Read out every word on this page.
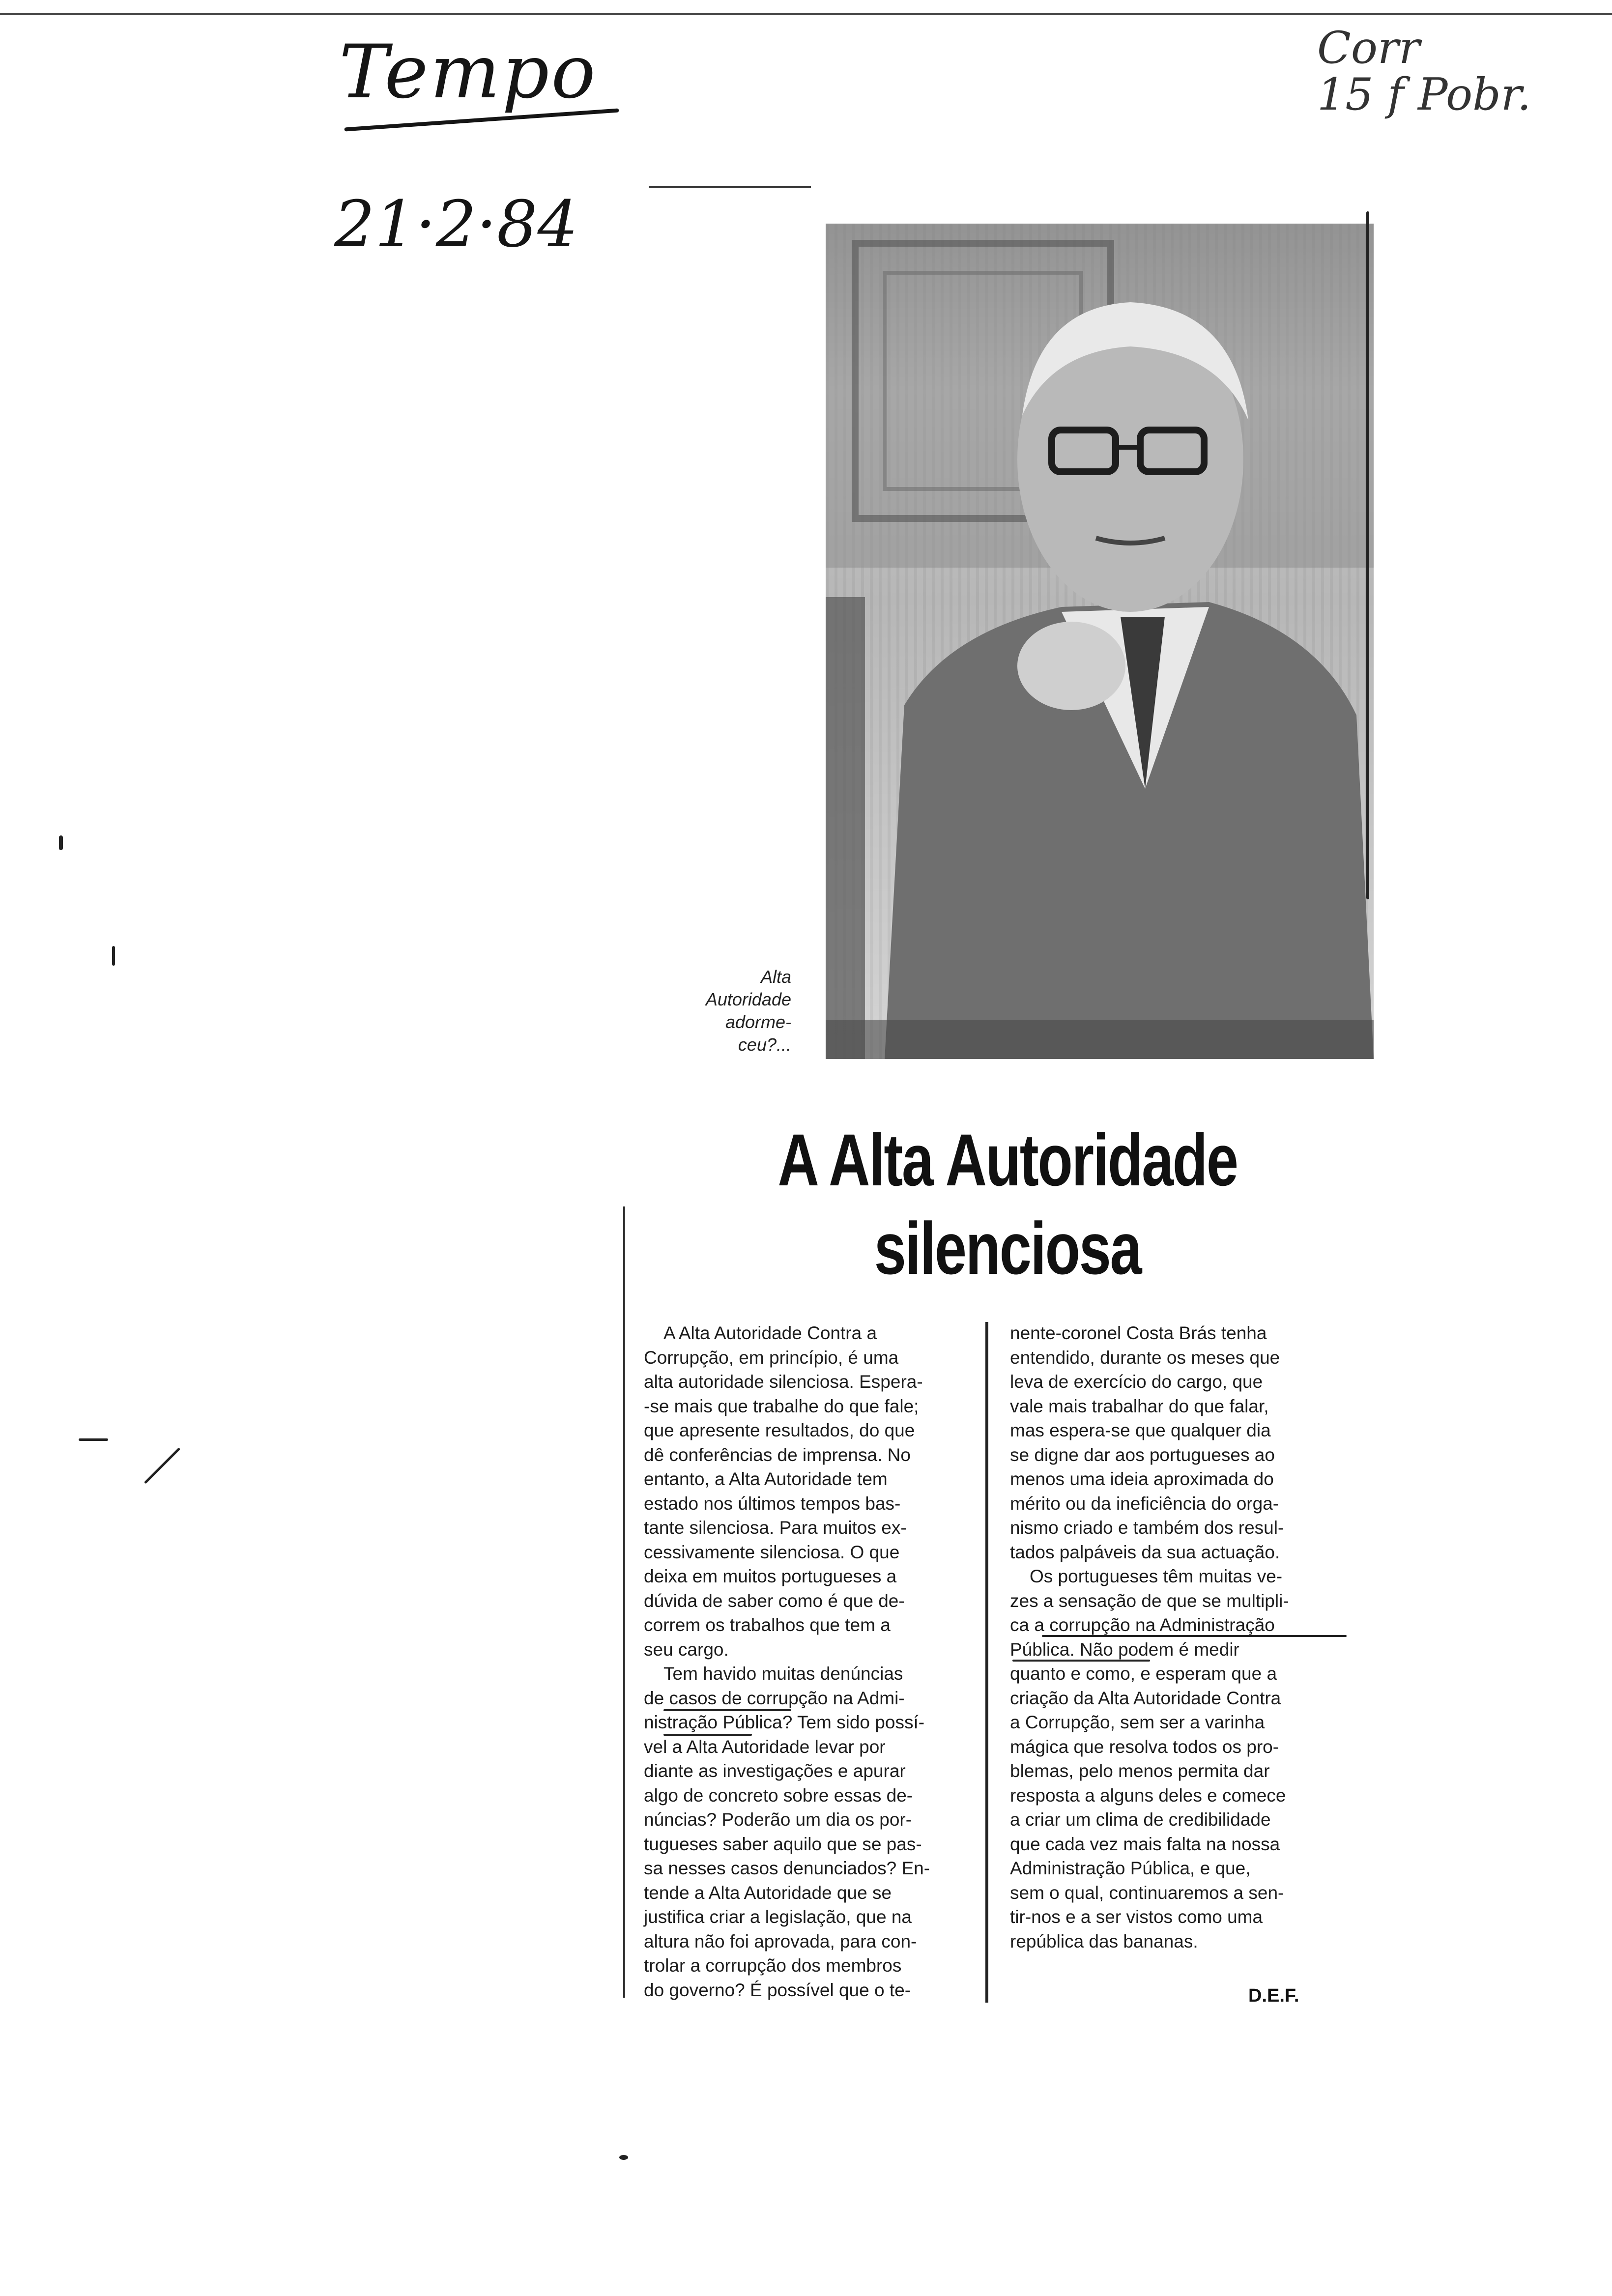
Tempo
21·2·84
Corr
15 f Pobr.
Alta
Autoridade
adorme-
ceu?...
A Alta Autoridade
silenciosa
A Alta Autoridade Contra a
Corrupção, em princípio, é uma
alta autoridade silenciosa. Espera-
-se mais que trabalhe do que fale;
que apresente resultados, do que
dê conferências de imprensa. No
entanto, a Alta Autoridade tem
estado nos últimos tempos bas-
tante silenciosa. Para muitos ex-
cessivamente silenciosa. O que
deixa em muitos portugueses a
dúvida de saber como é que de-
correm os trabalhos que tem a
seu cargo.
Tem havido muitas denúncias
de casos de corrupção na Admi-
nistração Pública? Tem sido possí-
vel a Alta Autoridade levar por
diante as investigações e apurar
algo de concreto sobre essas de-
núncias? Poderão um dia os por-
tugueses saber aquilo que se pas-
sa nesses casos denunciados? En-
tende a Alta Autoridade que se
justifica criar a legislação, que na
altura não foi aprovada, para con-
trolar a corrupção dos membros
do governo? É possível que o te-
nente-coronel Costa Brás tenha
entendido, durante os meses que
leva de exercício do cargo, que
vale mais trabalhar do que falar,
mas espera-se que qualquer dia
se digne dar aos portugueses ao
menos uma ideia aproximada do
mérito ou da ineficiência do orga-
nismo criado e também dos resul-
tados palpáveis da sua actuação.
Os portugueses têm muitas ve-
zes a sensação de que se multipli-
ca a corrupção na Administração
Pública. Não podem é medir
quanto e como, e esperam que a
criação da Alta Autoridade Contra
a Corrupção, sem ser a varinha
mágica que resolva todos os pro-
blemas, pelo menos permita dar
resposta a alguns deles e comece
a criar um clima de credibilidade
que cada vez mais falta na nossa
Administração Pública, e que,
sem o qual, continuaremos a sen-
tir-nos e a ser vistos como uma
república das bananas.
D.E.F.
